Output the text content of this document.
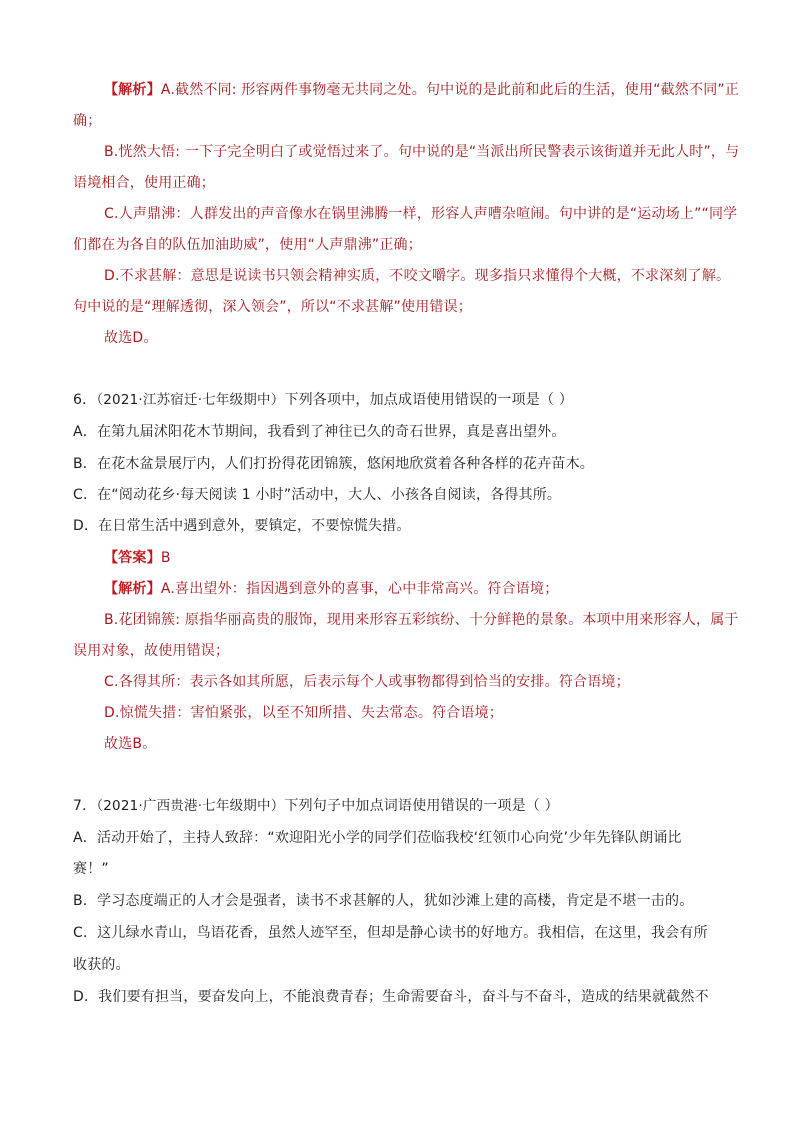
【解析】A.截然不同: 形容两件事物毫无共同之处。句中说的是此前和此后的生活，使用“截然不同”正
确；
B.恍然大悟: 一下子完全明白了或觉悟过来了。句中说的是“当派出所民警表示该街道并无此人时”，与
语境相合，使用正确；
C.人声鼎沸：人群发出的声音像水在锅里沸腾一样，形容人声嘈杂喧闹。句中讲的是“运动场上”“同学
们都在为各自的队伍加油助威”，使用“人声鼎沸”正确；
D.不求甚解：意思是说读书只领会精神实质，不咬文嚼字。现多指只求懂得个大概，不求深刻了解。
句中说的是“理解透彻，深入领会”，所以“不求甚解”使用错误；
故选D。
6．（2021·江苏宿迁·七年级期中）下列各项中，加点成语使用错误的一项是（ ）
A．在第九届沭阳花木节期间，我看到了神往已久的奇石世界，真是喜出望外。
B．在花木盆景展厅内，人们打扮得花团锦簇，悠闲地欣赏着各种各样的花卉苗木。
C．在“阅动花乡·每天阅读 1 小时”活动中，大人、小孩各自阅读，各得其所。
D．在日常生活中遇到意外，要镇定，不要惊慌失措。
【答案】B
【解析】A.喜出望外：指因遇到意外的喜事，心中非常高兴。符合语境；
B.花团锦簇: 原指华丽高贵的服饰，现用来形容五彩缤纷、十分鲜艳的景象。本项中用来形容人，属于
误用对象，故使用错误；
C.各得其所：表示各如其所愿，后表示每个人或事物都得到恰当的安排。符合语境；
D.惊慌失措：害怕紧张，以至不知所措、失去常态。符合语境；
故选B。
7．（2021·广西贵港·七年级期中）下列句子中加点词语使用错误的一项是（ ）
A．活动开始了，主持人致辞：“欢迎阳光小学的同学们莅临我校‘红领巾心向党’少年先锋队朗诵比
赛！”
B．学习态度端正的人才会是强者，读书不求甚解的人，犹如沙滩上建的高楼，肯定是不堪一击的。
C．这儿绿水青山，鸟语花香，虽然人迹罕至，但却是静心读书的好地方。我相信，在这里，我会有所
收获的。
D．我们要有担当，要奋发向上，不能浪费青春；生命需要奋斗，奋斗与不奋斗，造成的结果就截然不
